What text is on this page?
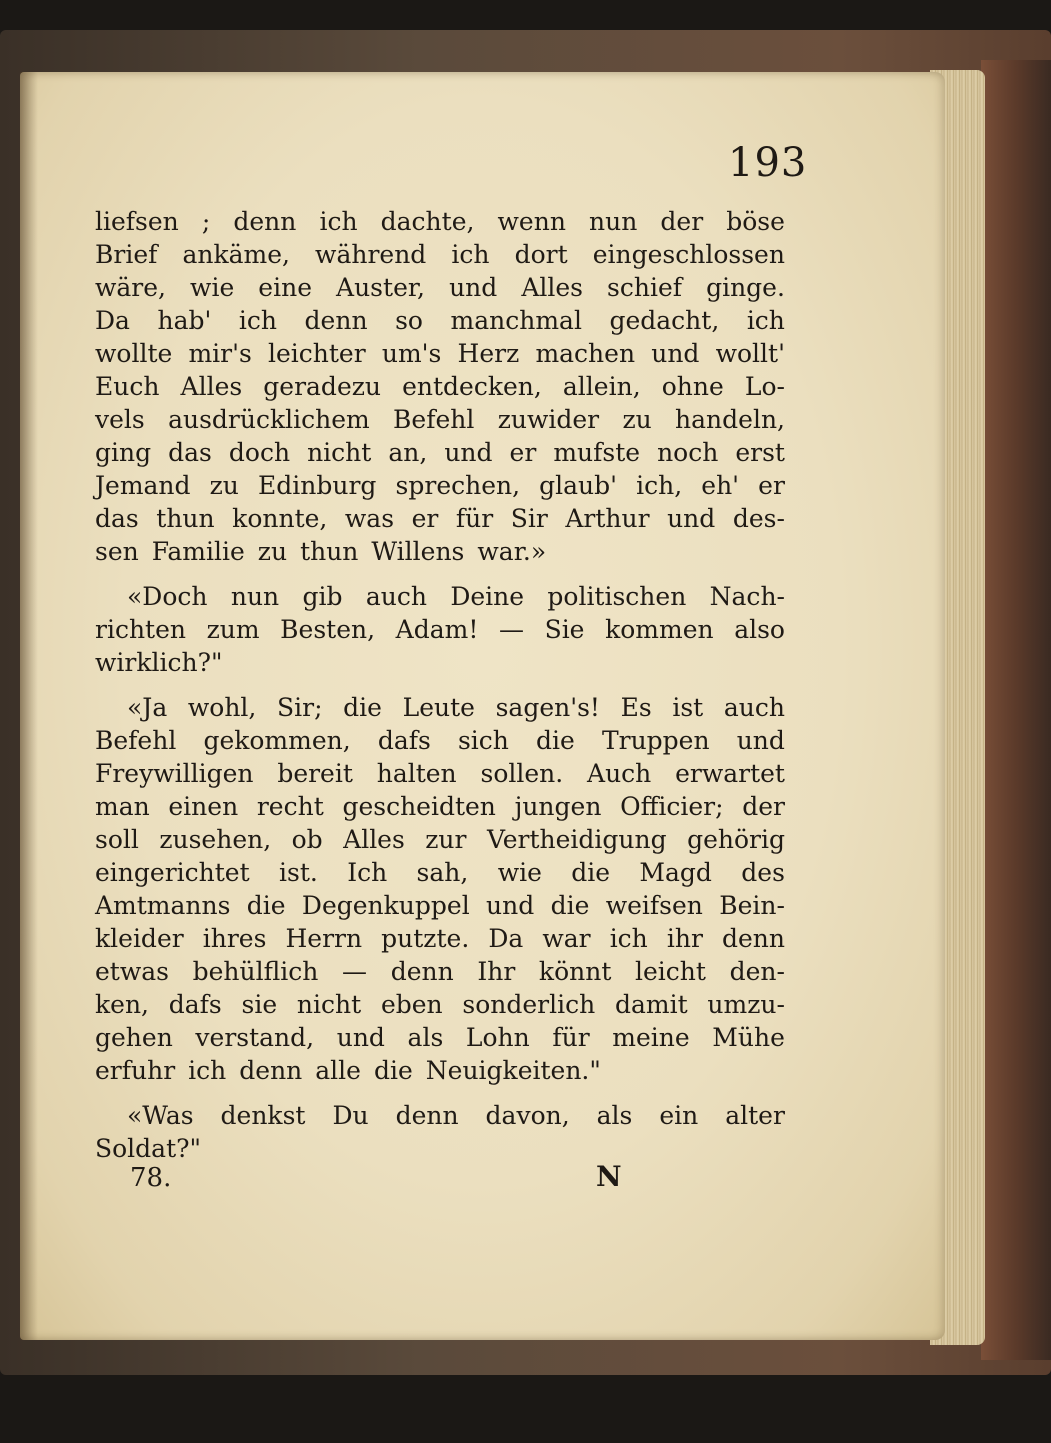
193
liefsen ; denn ich dachte, wenn nun der böse
Brief ankäme, während ich dort eingeschlossen
wäre, wie eine Auster, und Alles schief ginge.
Da hab' ich denn so manchmal gedacht, ich
wollte mir's leichter um's Herz machen und wollt'
Euch Alles geradezu entdecken, allein, ohne Lo-
vels ausdrücklichem Befehl zuwider zu handeln,
ging das doch nicht an, und er mufste noch erst
Jemand zu Edinburg sprechen, glaub' ich, eh' er
das thun konnte, was er für Sir Arthur und des-
sen Familie zu thun Willens war.»
«Doch nun gib auch Deine politischen Nach-
richten zum Besten, Adam! — Sie kommen also
wirklich?"
«Ja wohl, Sir; die Leute sagen's! Es ist auch
Befehl gekommen, dafs sich die Truppen und
Freywilligen bereit halten sollen. Auch erwartet
man einen recht gescheidten jungen Officier; der
soll zusehen, ob Alles zur Vertheidigung gehörig
eingerichtet ist. Ich sah, wie die Magd des
Amtmanns die Degenkuppel und die weifsen Bein-
kleider ihres Herrn putzte. Da war ich ihr denn
etwas behülflich — denn Ihr könnt leicht den-
ken, dafs sie nicht eben sonderlich damit umzu-
gehen verstand, und als Lohn für meine Mühe
erfuhr ich denn alle die Neuigkeiten."
«Was denkst Du denn davon, als ein alter
Soldat?"
78.	N
